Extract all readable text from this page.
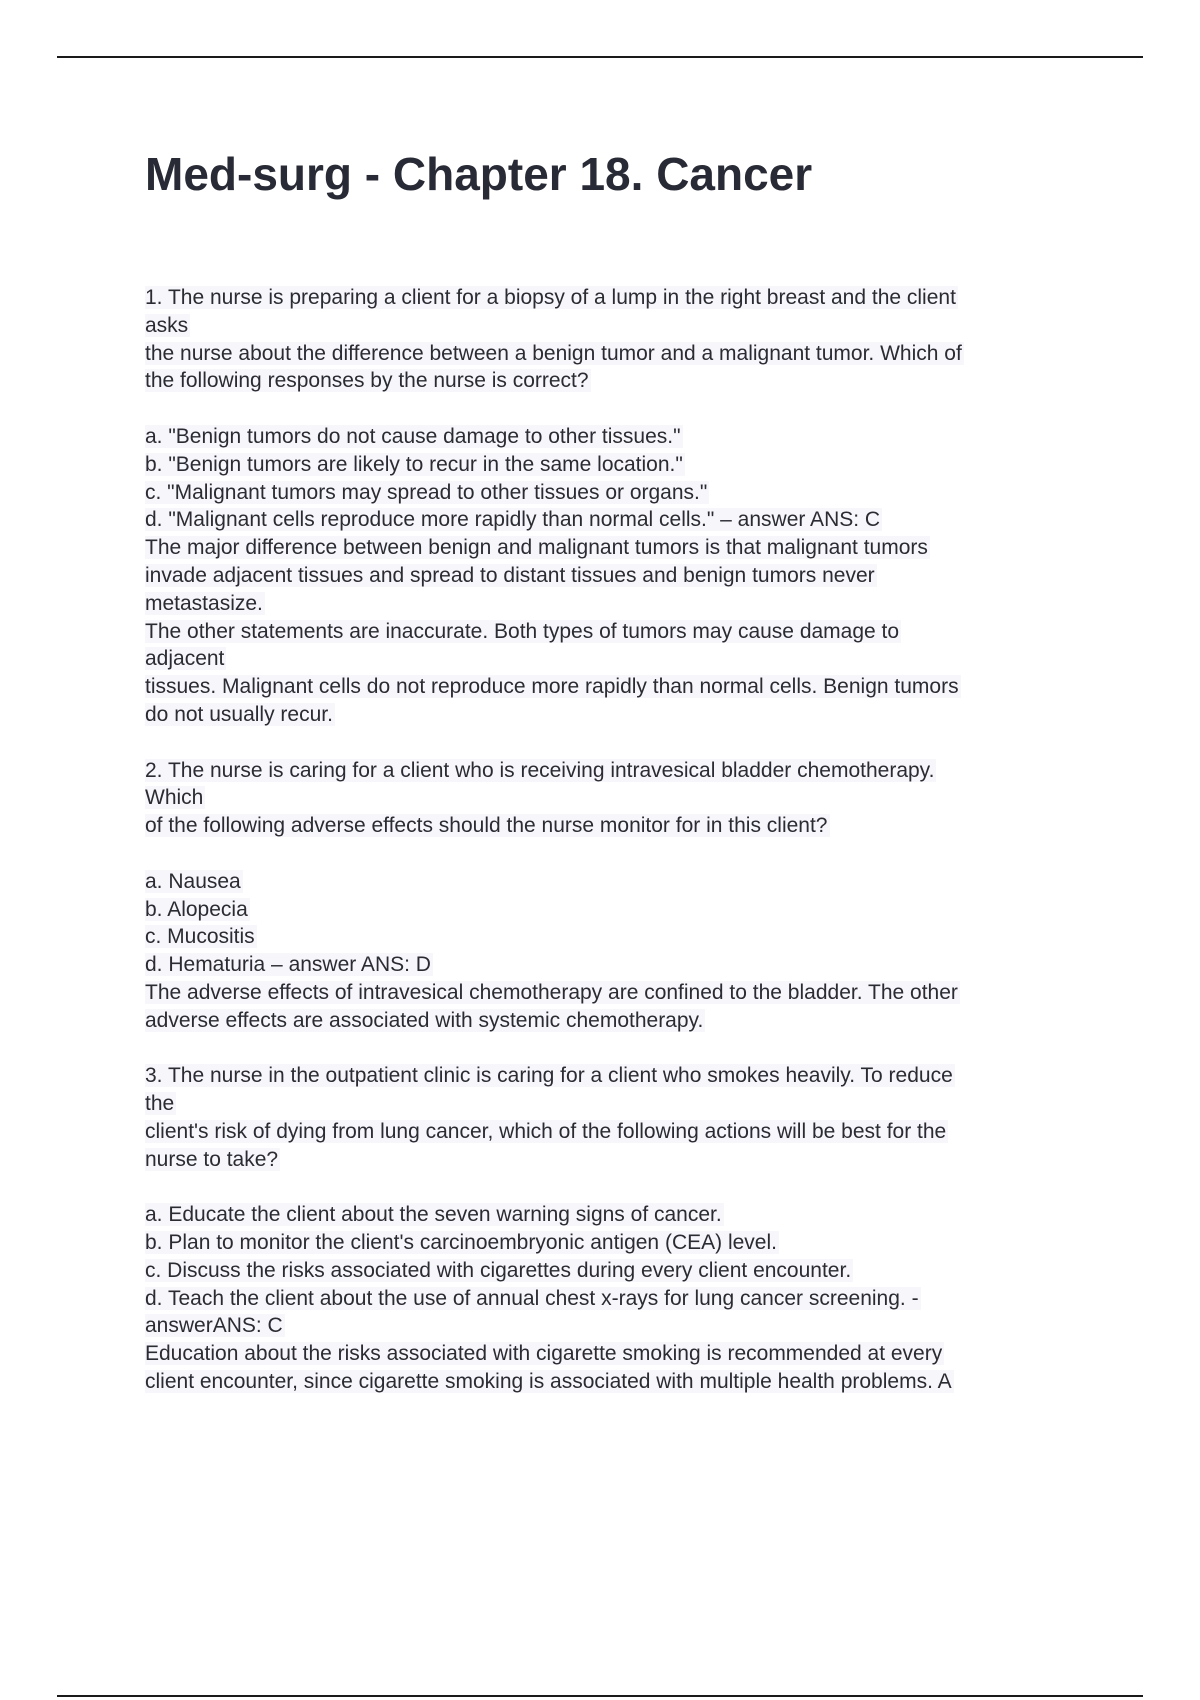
Med-surg - Chapter 18. Cancer
1. The nurse is preparing a client for a biopsy of a lump in the right breast and the client
asks
the nurse about the difference between a benign tumor and a malignant tumor. Which of
the following responses by the nurse is correct?
a. "Benign tumors do not cause damage to other tissues."
b. "Benign tumors are likely to recur in the same location."
c. "Malignant tumors may spread to other tissues or organs."
d. "Malignant cells reproduce more rapidly than normal cells." – answer ANS: C
The major difference between benign and malignant tumors is that malignant tumors
invade adjacent tissues and spread to distant tissues and benign tumors never
metastasize.
The other statements are inaccurate. Both types of tumors may cause damage to
adjacent
tissues. Malignant cells do not reproduce more rapidly than normal cells. Benign tumors
do not usually recur.
2. The nurse is caring for a client who is receiving intravesical bladder chemotherapy.
Which
of the following adverse effects should the nurse monitor for in this client?
a. Nausea
b. Alopecia
c. Mucositis
d. Hematuria – answer ANS: D
The adverse effects of intravesical chemotherapy are confined to the bladder. The other
adverse effects are associated with systemic chemotherapy.
3. The nurse in the outpatient clinic is caring for a client who smokes heavily. To reduce
the
client's risk of dying from lung cancer, which of the following actions will be best for the
nurse to take?
a. Educate the client about the seven warning signs of cancer.
b. Plan to monitor the client's carcinoembryonic antigen (CEA) level.
c. Discuss the risks associated with cigarettes during every client encounter.
d. Teach the client about the use of annual chest x-rays for lung cancer screening. -
answerANS: C
Education about the risks associated with cigarette smoking is recommended at every
client encounter, since cigarette smoking is associated with multiple health problems. A
